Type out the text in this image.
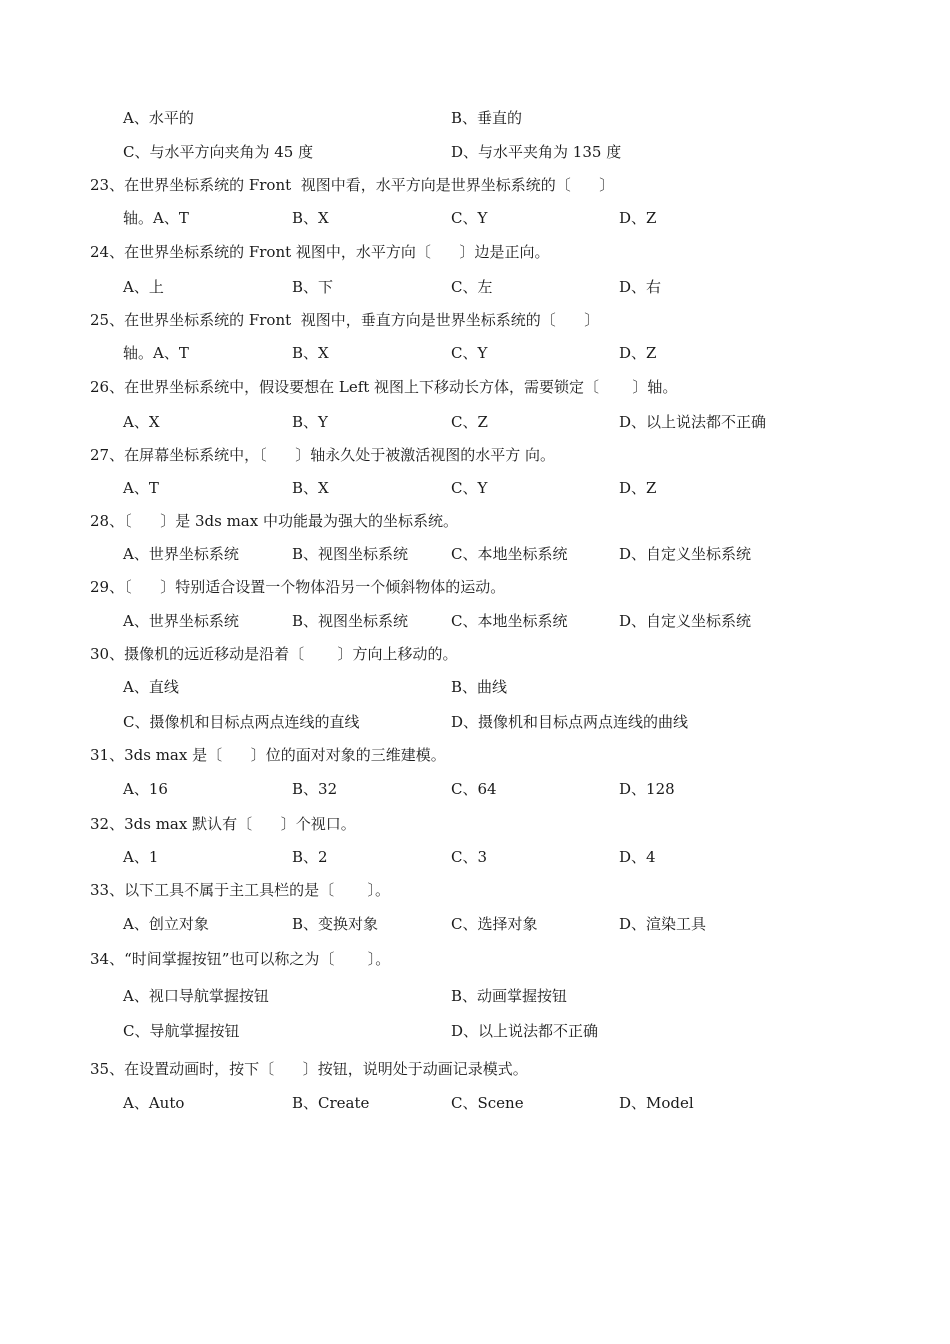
A、水平的	B、垂直的
C、与水平方向夹角为 45 度	D、与水平夹角为 135 度
23、在世界坐标系统的 Front  视图中看，水平方向是世界坐标系统的〔      〕
轴。A、T	B、X	C、Y	D、Z
24、在世界坐标系统的 Front 视图中，水平方向〔      〕边是正向。
A、上	B、下	C、左	D、右
25、在世界坐标系统的 Front  视图中，垂直方向是世界坐标系统的〔      〕
轴。A、T	B、X	C、Y	D、Z
26、在世界坐标系统中，假设要想在 Left 视图上下移动长方体，需要锁定〔       〕轴。
A、X	B、Y	C、Z	D、以上说法都不正确
27、在屏幕坐标系统中，〔      〕轴永久处于被激活视图的水平方 向。
A、T	B、X	C、Y	D、Z
28、〔      〕是 3ds max 中功能最为强大的坐标系统。
A、世界坐标系统	B、视图坐标系统	C、本地坐标系统	D、自定义坐标系统
29、〔      〕特别适合设置一个物体沿另一个倾斜物体的运动。
A、世界坐标系统	B、视图坐标系统	C、本地坐标系统	D、自定义坐标系统
30、摄像机的远近移动是沿着〔       〕方向上移动的。
A、直线	B、曲线
C、摄像机和目标点两点连线的直线	D、摄像机和目标点两点连线的曲线
31、3ds max 是〔      〕位的面对对象的三维建模。
A、16	B、32	C、64	D、128
32、3ds max 默认有〔      〕个视口。
A、1	B、2	C、3	D、4
33、以下工具不属于主工具栏的是〔       〕。
A、创立对象	B、变换对象	C、选择对象	D、渲染工具
34、“时间掌握按钮”也可以称之为〔       〕。
A、视口导航掌握按钮	B、动画掌握按钮
C、导航掌握按钮	D、以上说法都不正确
35、在设置动画时，按下〔      〕按钮，说明处于动画记录模式。
A、Auto	B、Create	C、Scene	D、Model
